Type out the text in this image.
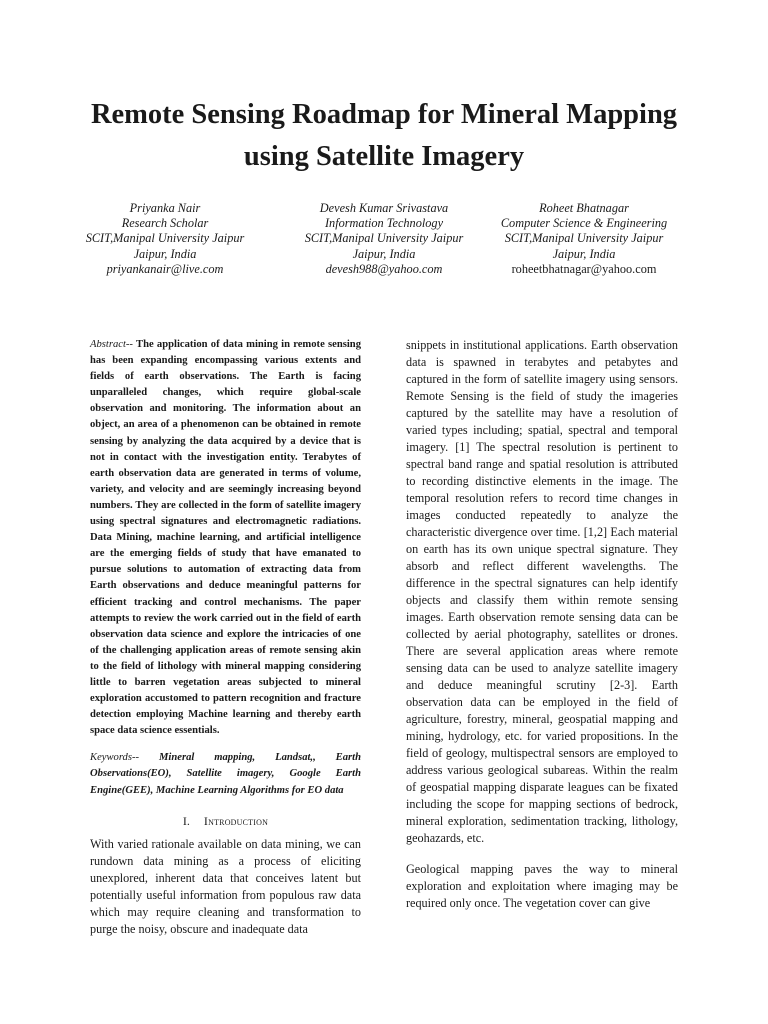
Remote Sensing Roadmap for Mineral Mapping using Satellite Imagery
Priyanka Nair
Research Scholar
SCIT,Manipal University Jaipur
Jaipur, India
priyankanair@live.com
Devesh Kumar Srivastava
Information Technology
SCIT,Manipal University Jaipur
Jaipur, India
devesh988@yahoo.com
Roheet Bhatnagar
Computer Science & Engineering
SCIT,Manipal University Jaipur
Jaipur, India
roheetbhatnagar@yahoo.com

Abstract-- The application of data mining in remote sensing has been expanding encompassing various extents and fields of earth observations. The Earth is facing unparalleled changes, which require global-scale observation and monitoring. The information about an object, an area of a phenomenon can be obtained in remote sensing by analyzing the data acquired by a device that is not in contact with the investigation entity. Terabytes of earth observation data are generated in terms of volume, variety, and velocity and are seemingly increasing beyond numbers. They are collected in the form of satellite imagery using spectral signatures and electromagnetic radiations. Data Mining, machine learning, and artificial intelligence are the emerging fields of study that have emanated to pursue solutions to automation of extracting data from Earth observations and deduce meaningful patterns for efficient tracking and control mechanisms. The paper attempts to review the work carried out in the field of earth observation data science and explore the intricacies of one of the challenging application areas of remote sensing akin to the field of lithology with mineral mapping considering little to barren vegetation areas subjected to mineral exploration accustomed to pattern recognition and fracture detection employing Machine learning and thereby earth space data science essentials.

Keywords-- Mineral mapping, Landsat,, Earth Observations(EO), Satellite imagery, Google Earth Engine(GEE), Machine Learning Algorithms for EO data

I. Introduction

With varied rationale available on data mining, we can rundown data mining as a process of eliciting unexplored, inherent data that conceives latent but potentially useful information from populous raw data which may require cleaning and transformation to purge the noisy, obscure and inadequate data

snippets in institutional applications. Earth observation data is spawned in terabytes and petabytes and captured in the form of satellite imagery using sensors. Remote Sensing is the field of study the imageries captured by the satellite may have a resolution of varied types including; spatial, spectral and temporal imagery. [1] The spectral resolution is pertinent to spectral band range and spatial resolution is attributed to recording distinctive elements in the image. The temporal resolution refers to record time changes in images conducted repeatedly to analyze the characteristic divergence over time. [1,2] Each material on earth has its own unique spectral signature. They absorb and reflect different wavelengths. The difference in the spectral signatures can help identify objects and classify them within remote sensing images. Earth observation remote sensing data can be collected by aerial photography, satellites or drones. There are several application areas where remote sensing data can be used to analyze satellite imagery and deduce meaningful scrutiny [2-3]. Earth observation data can be employed in the field of agriculture, forestry, mineral, geospatial mapping and mining, hydrology, etc. for varied propositions. In the field of geology, multispectral sensors are employed to address various geological subareas. Within the realm of geospatial mapping disparate leagues can be fixated including the scope for mapping sections of bedrock, mineral exploration, sedimentation tracking, lithology, geohazards, etc.

Geological mapping paves the way to mineral exploration and exploitation where imaging may be required only once. The vegetation cover can give
